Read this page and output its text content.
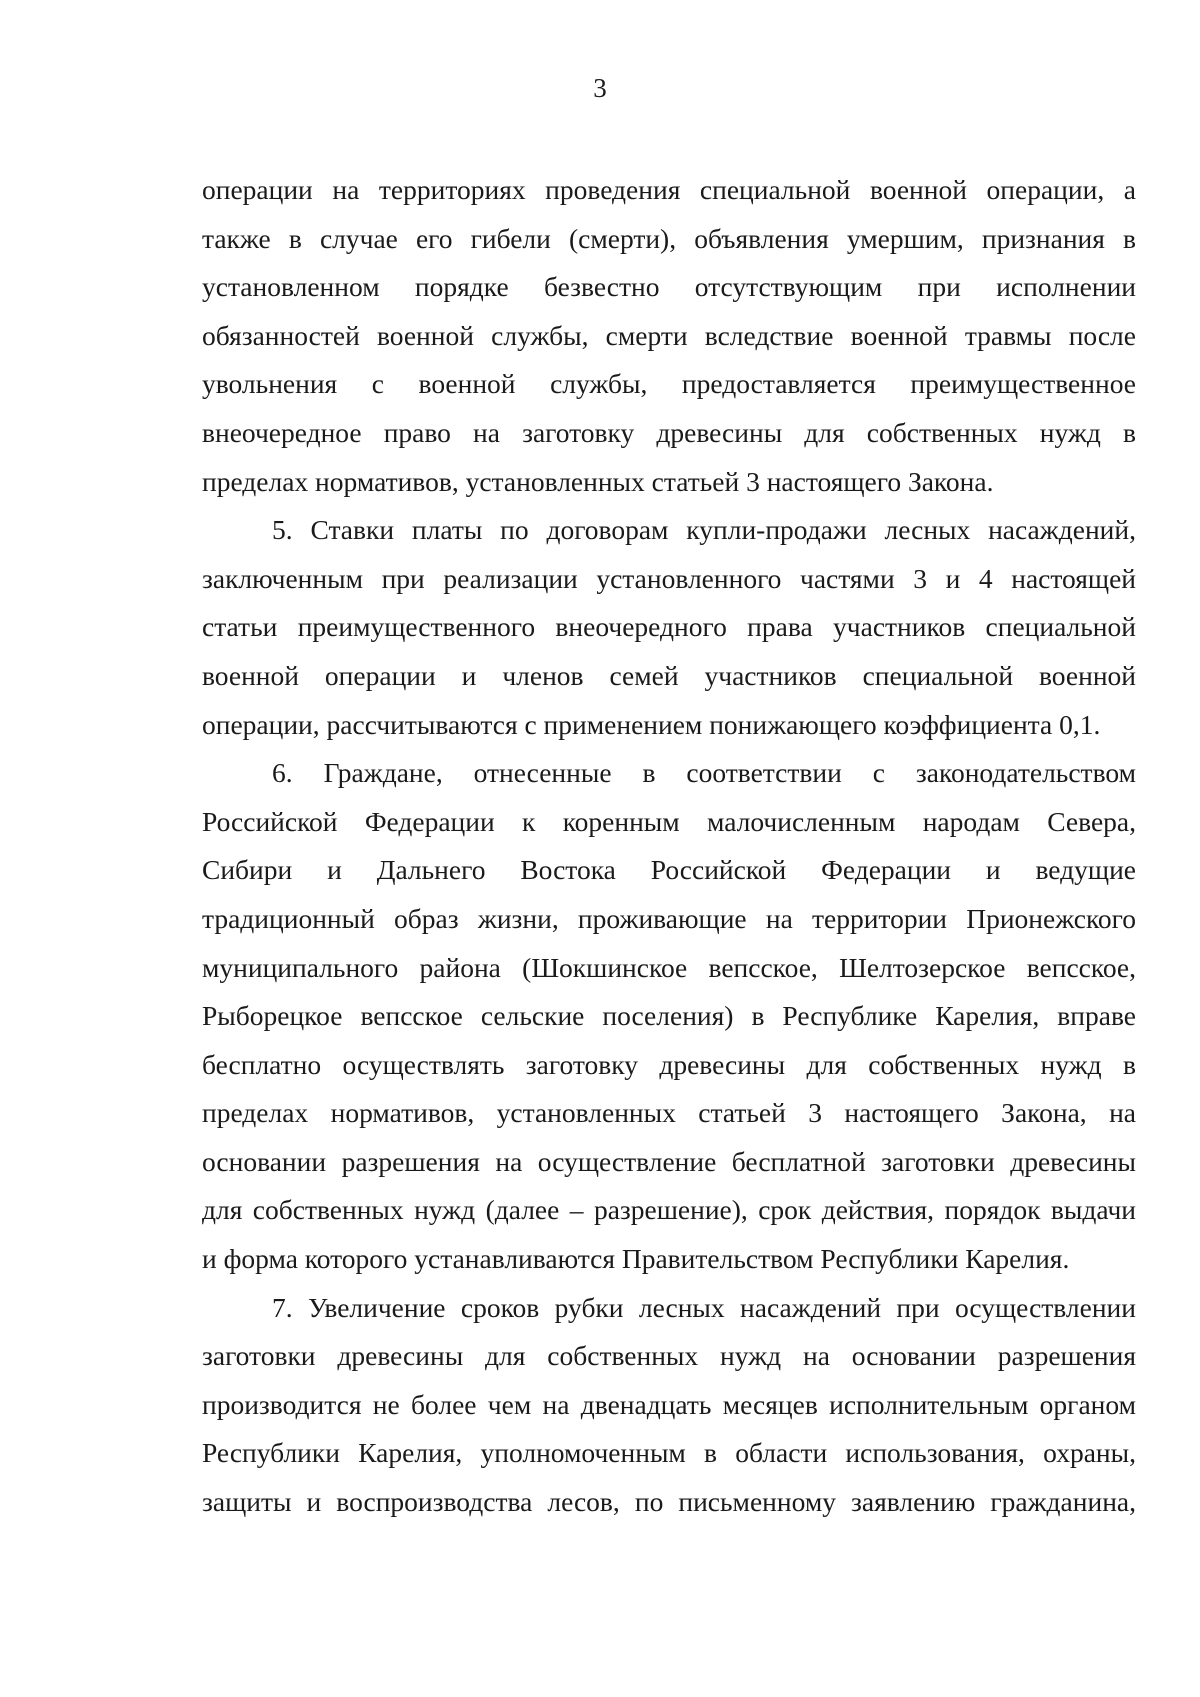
3
операции на территориях проведения специальной военной операции, а
также в случае его гибели (смерти), объявления умершим, признания в
установленном порядке безвестно отсутствующим при исполнении
обязанностей военной службы, смерти вследствие военной травмы после
увольнения с военной службы, предоставляется преимущественное
внеочередное право на заготовку древесины для собственных нужд в
пределах нормативов, установленных статьей 3 настоящего Закона.
5. Ставки платы по договорам купли-продажи лесных насаждений,
заключенным при реализации установленного частями 3 и 4 настоящей
статьи преимущественного внеочередного права участников специальной
военной операции и членов семей участников специальной военной
операции, рассчитываются с применением понижающего коэффициента 0,1.
6. Граждане, отнесенные в соответствии с законодательством
Российской Федерации к коренным малочисленным народам Севера,
Сибири и Дальнего Востока Российской Федерации и ведущие
традиционный образ жизни, проживающие на территории Прионежского
муниципального района (Шокшинское вепсское, Шелтозерское вепсское,
Рыборецкое вепсское сельские поселения) в Республике Карелия, вправе
бесплатно осуществлять заготовку древесины для собственных нужд в
пределах нормативов, установленных статьей 3 настоящего Закона, на
основании разрешения на осуществление бесплатной заготовки древесины
для собственных нужд (далее – разрешение), срок действия, порядок выдачи
и форма которого устанавливаются Правительством Республики Карелия.
7. Увеличение сроков рубки лесных насаждений при осуществлении
заготовки древесины для собственных нужд на основании разрешения
производится не более чем на двенадцать месяцев исполнительным органом
Республики Карелия, уполномоченным в области использования, охраны,
защиты и воспроизводства лесов, по письменному заявлению гражданина,
